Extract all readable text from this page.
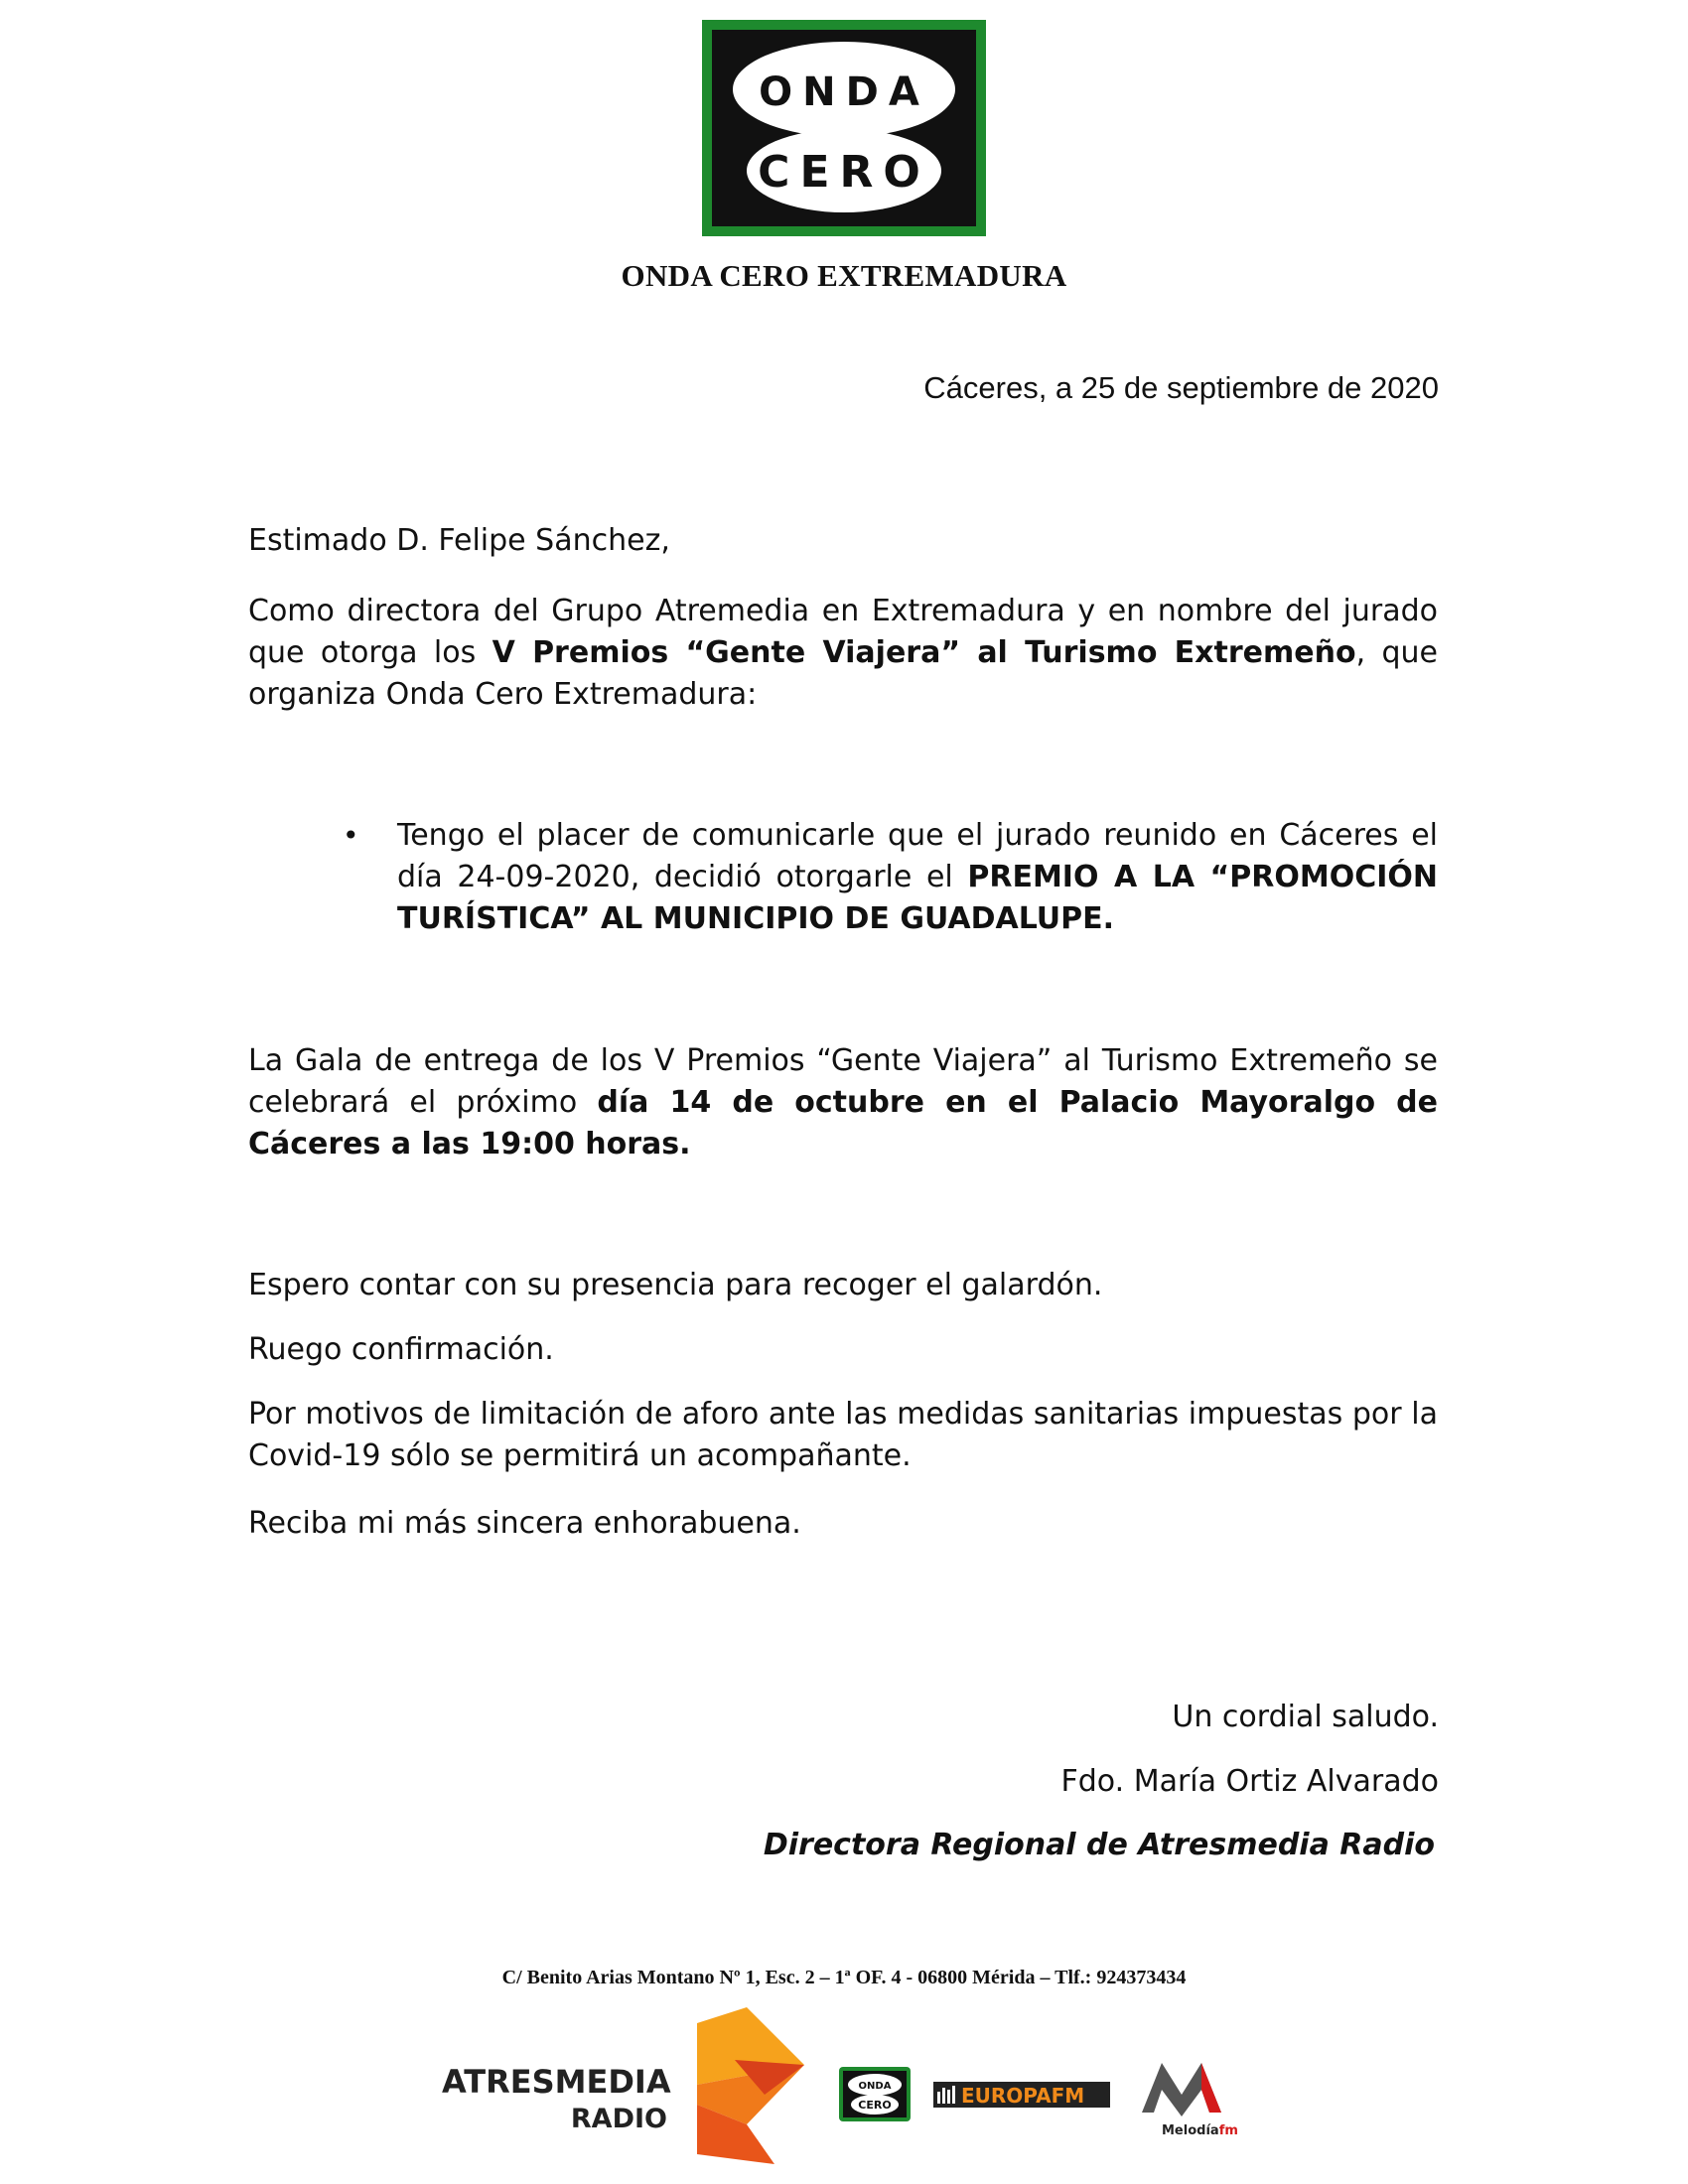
ONDA
CERO
ONDA CERO EXTREMADURA
Cáceres, a 25 de septiembre de 2020
Estimado D. Felipe Sánchez,
Como directora del Grupo Atremedia en Extremadura y en nombre del jurado que otorga los V Premios “Gente Viajera” al Turismo Extremeño, que organiza Onda Cero Extremadura:
• Tengo el placer de comunicarle que el jurado reunido en Cáceres el día 24-09-2020, decidió otorgarle el PREMIO A LA “PROMOCIÓN TURÍSTICA” AL MUNICIPIO DE GUADALUPE.
La Gala de entrega de los V Premios “Gente Viajera” al Turismo Extremeño se celebrará el próximo día 14 de octubre en el Palacio Mayoralgo de Cáceres a las 19:00 horas.
Espero contar con su presencia para recoger el galardón.
Ruego confirmación.
Por motivos de limitación de aforo ante las medidas sanitarias impuestas por la Covid-19 sólo se permitirá un acompañante.
Reciba mi más sincera enhorabuena.
Un cordial saludo.
Fdo. María Ortiz Alvarado
Directora Regional de Atresmedia Radio
C/ Benito Arias Montano Nº 1, Esc. 2 – 1ª OF. 4 - 06800 Mérida – Tlf.: 924373434
ATRESMEDIA
RADIO
ONDA
CERO	EUROPAFM
Melodíafm
